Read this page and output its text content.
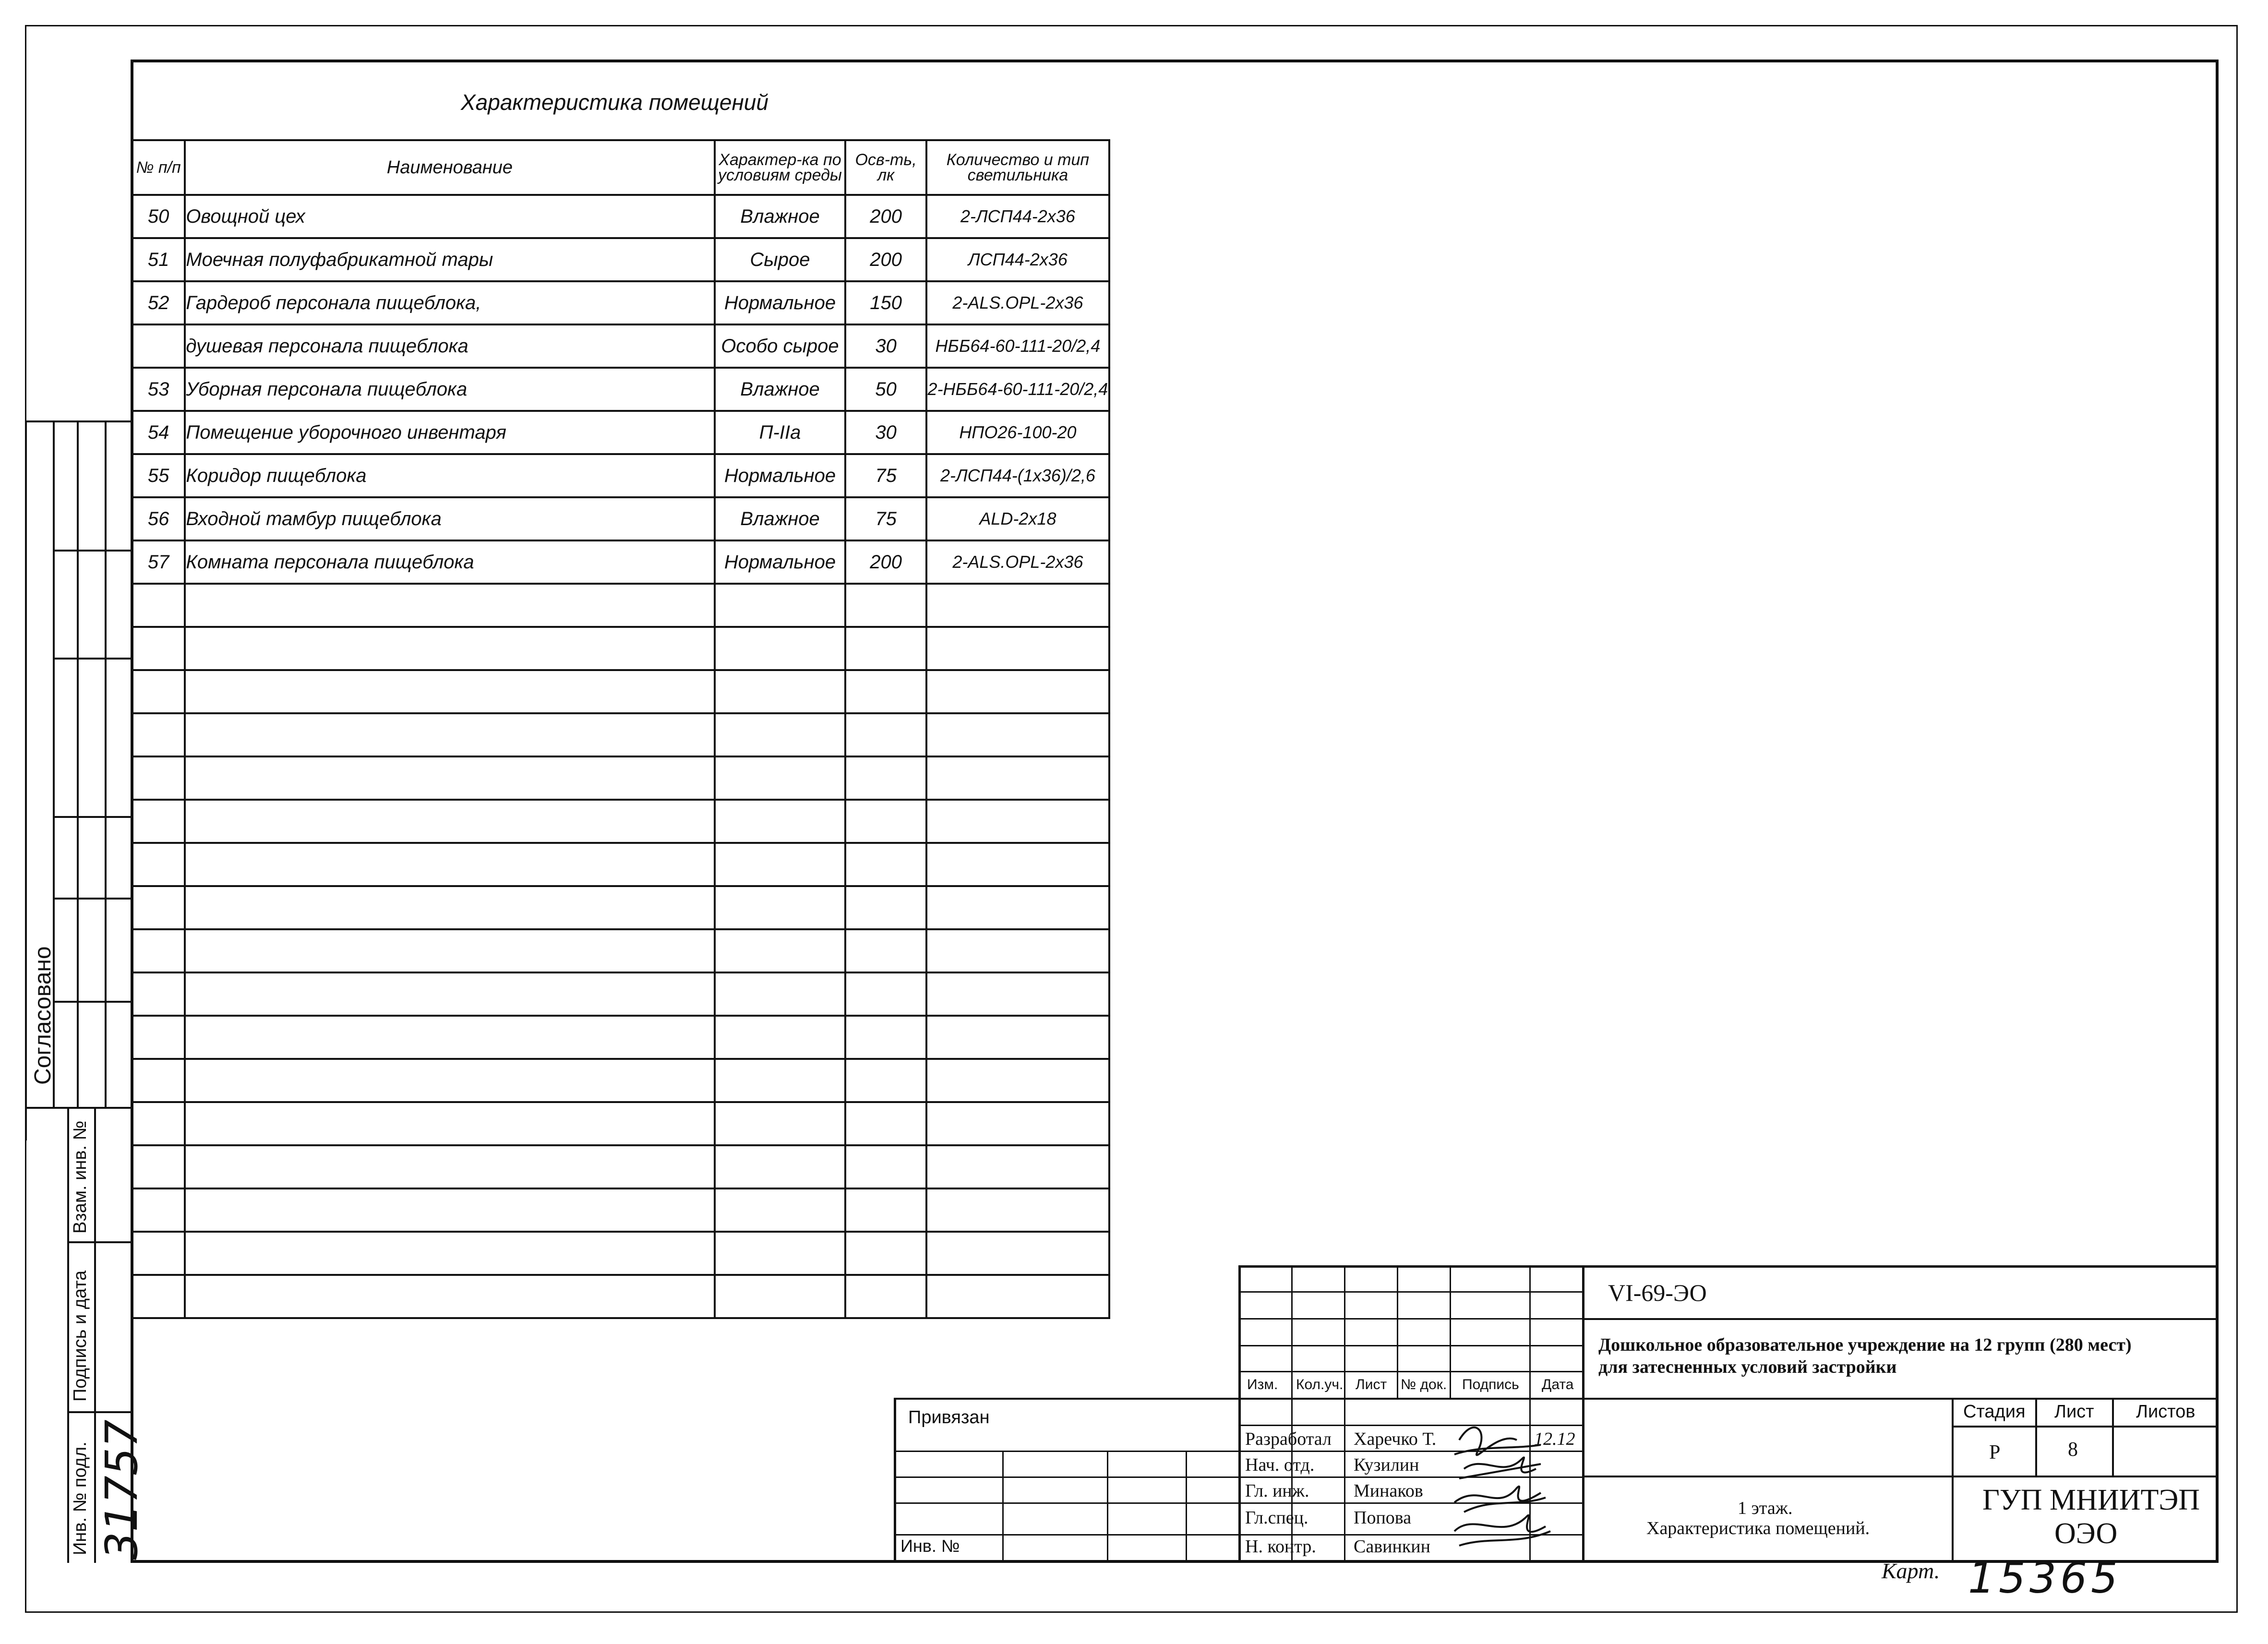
Характеристика помещений
№ п/п	Наименование	Характер-ка по условиям среды	Осв-ть, лк	Количество и тип светильника
50	Овощной цех	Влажное	200	2-ЛСП44-2х36
51	Моечная полуфабрикатной тары	Сырое	200	ЛСП44-2х36
52	Гардероб персонала пищеблока,	Нормальное	150	2-ALS.OPL-2x36
	душевая персонала пищеблока	Особо сырое	30	НББ64-60-111-20/2,4
53	Уборная персонала пищеблока	Влажное	50	2-НББ64-60-111-20/2,4
54	Помещение уборочного инвентаря	П-IIа	30	НПО26-100-20
55	Коридор пищеблока	Нормальное	75	2-ЛСП44-(1х36)/2,6
56	Входной тамбур пищеблока	Влажное	75	ALD-2x18
57	Комната персонала пищеблока	Нормальное	200	2-ALS.OPL-2x36

Согласовано
Взам. инв. №
Подпись и дата
Инв. № подл. 31757
Привязан
Инв. №
Изм. Кол.уч. Лист № док. Подпись Дата
Разработал Харечко Т.	12.12
Нач. отд. Кузилин
Гл. инж. Минаков
Гл.спец. Попова
Н. контр. Савинкин
VI-69-ЭО
Дошкольное образовательное учреждение на 12 групп (280 мест)
для затесненных условий застройки
1 этаж.
Характеристика помещений.
Стадия Лист Листов
Р	8
ГУП МНИИТЭП
ОЭО
Карт. 15365
